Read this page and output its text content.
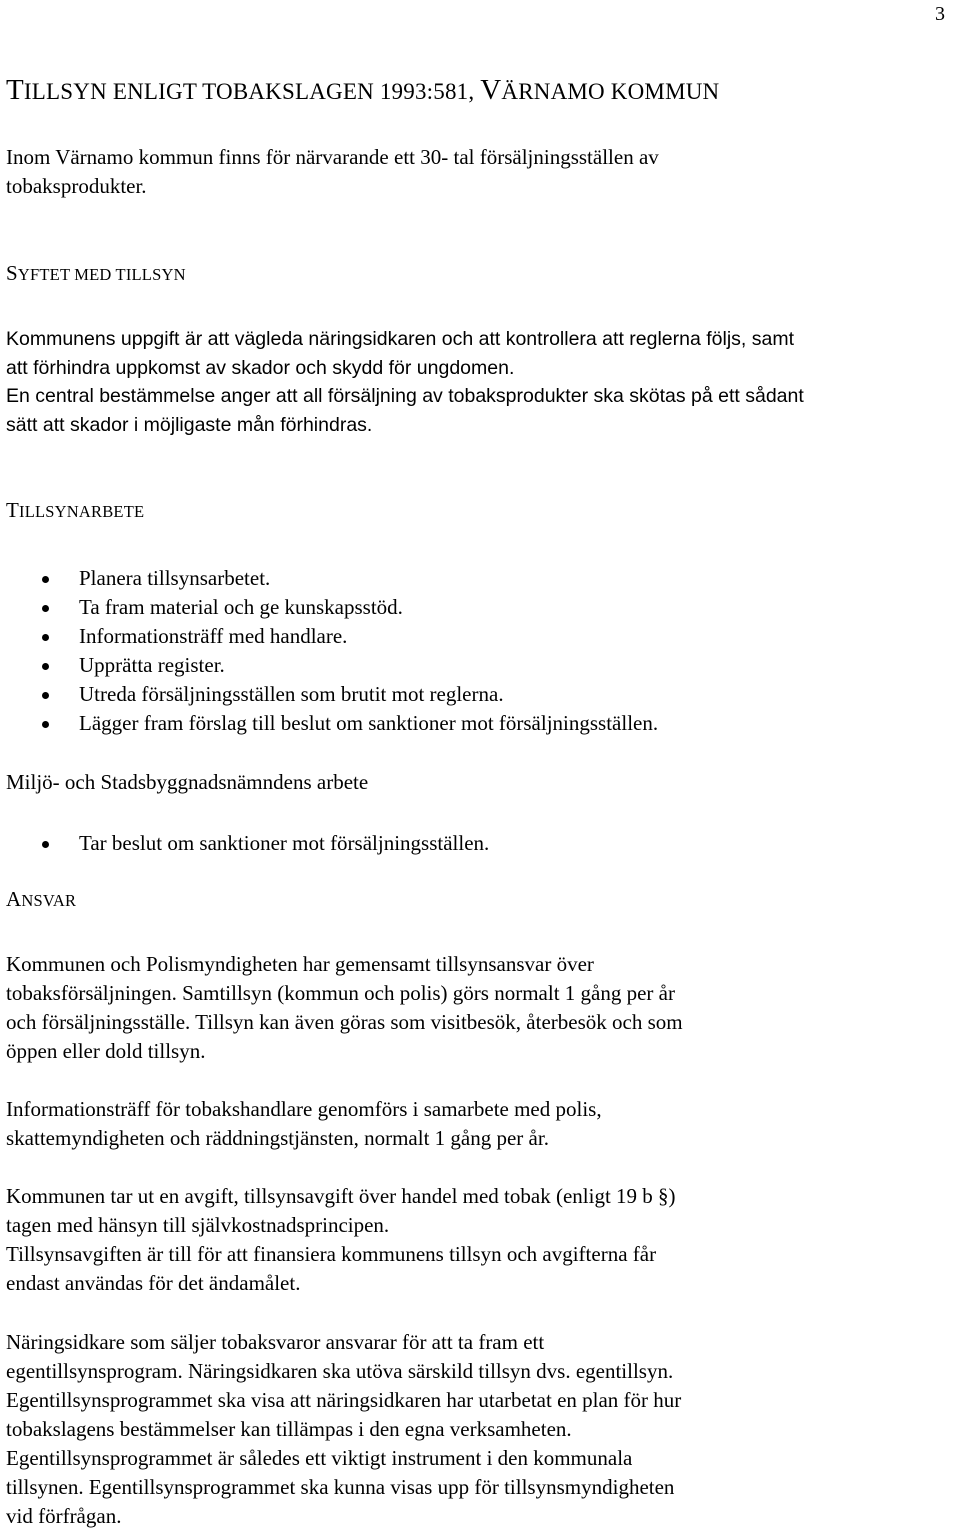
3
TILLSYN ENLIGT TOBAKSLAGEN 1993:581, VÄRNAMO KOMMUN
Inom Värnamo kommun finns för närvarande ett 30- tal försäljningsställen av
tobaksprodukter.
SYFTET MED TILLSYN
Kommunens uppgift är att vägleda näringsidkaren och att kontrollera att reglerna följs, samt
att förhindra uppkomst av skador och skydd för ungdomen.
En central bestämmelse anger att all försäljning av tobaksprodukter ska skötas på ett sådant
sätt att skador i möjligaste mån förhindras.
TILLSYNARBETE
Planera tillsynsarbetet.
Ta fram material och ge kunskapsstöd.
Informationsträff med handlare.
Upprätta register.
Utreda försäljningsställen som brutit mot reglerna.
Lägger fram förslag till beslut om sanktioner mot försäljningsställen.
Miljö- och Stadsbyggnadsnämndens arbete
Tar beslut om sanktioner mot försäljningsställen.
ANSVAR
Kommunen och Polismyndigheten har gemensamt tillsynsansvar över
tobaksförsäljningen. Samtillsyn (kommun och polis) görs normalt 1 gång per år
och försäljningsställe. Tillsyn kan även göras som visitbesök, återbesök och som
öppen eller dold tillsyn.
Informationsträff för tobakshandlare genomförs i samarbete med polis,
skattemyndigheten och räddningstjänsten, normalt 1 gång per år.
Kommunen tar ut en avgift, tillsynsavgift över handel med tobak (enligt 19 b §)
tagen med hänsyn till självkostnadsprincipen.
Tillsynsavgiften är till för att finansiera kommunens tillsyn och avgifterna får
endast användas för det ändamålet.
Näringsidkare som säljer tobaksvaror ansvarar för att ta fram ett
egentillsynsprogram. Näringsidkaren ska utöva särskild tillsyn dvs. egentillsyn.
Egentillsynsprogrammet ska visa att näringsidkaren har utarbetat en plan för hur
tobakslagens bestämmelser kan tillämpas i den egna verksamheten.
Egentillsynsprogrammet är således ett viktigt instrument i den kommunala
tillsynen. Egentillsynsprogrammet ska kunna visas upp för tillsynsmyndigheten
vid förfrågan.
